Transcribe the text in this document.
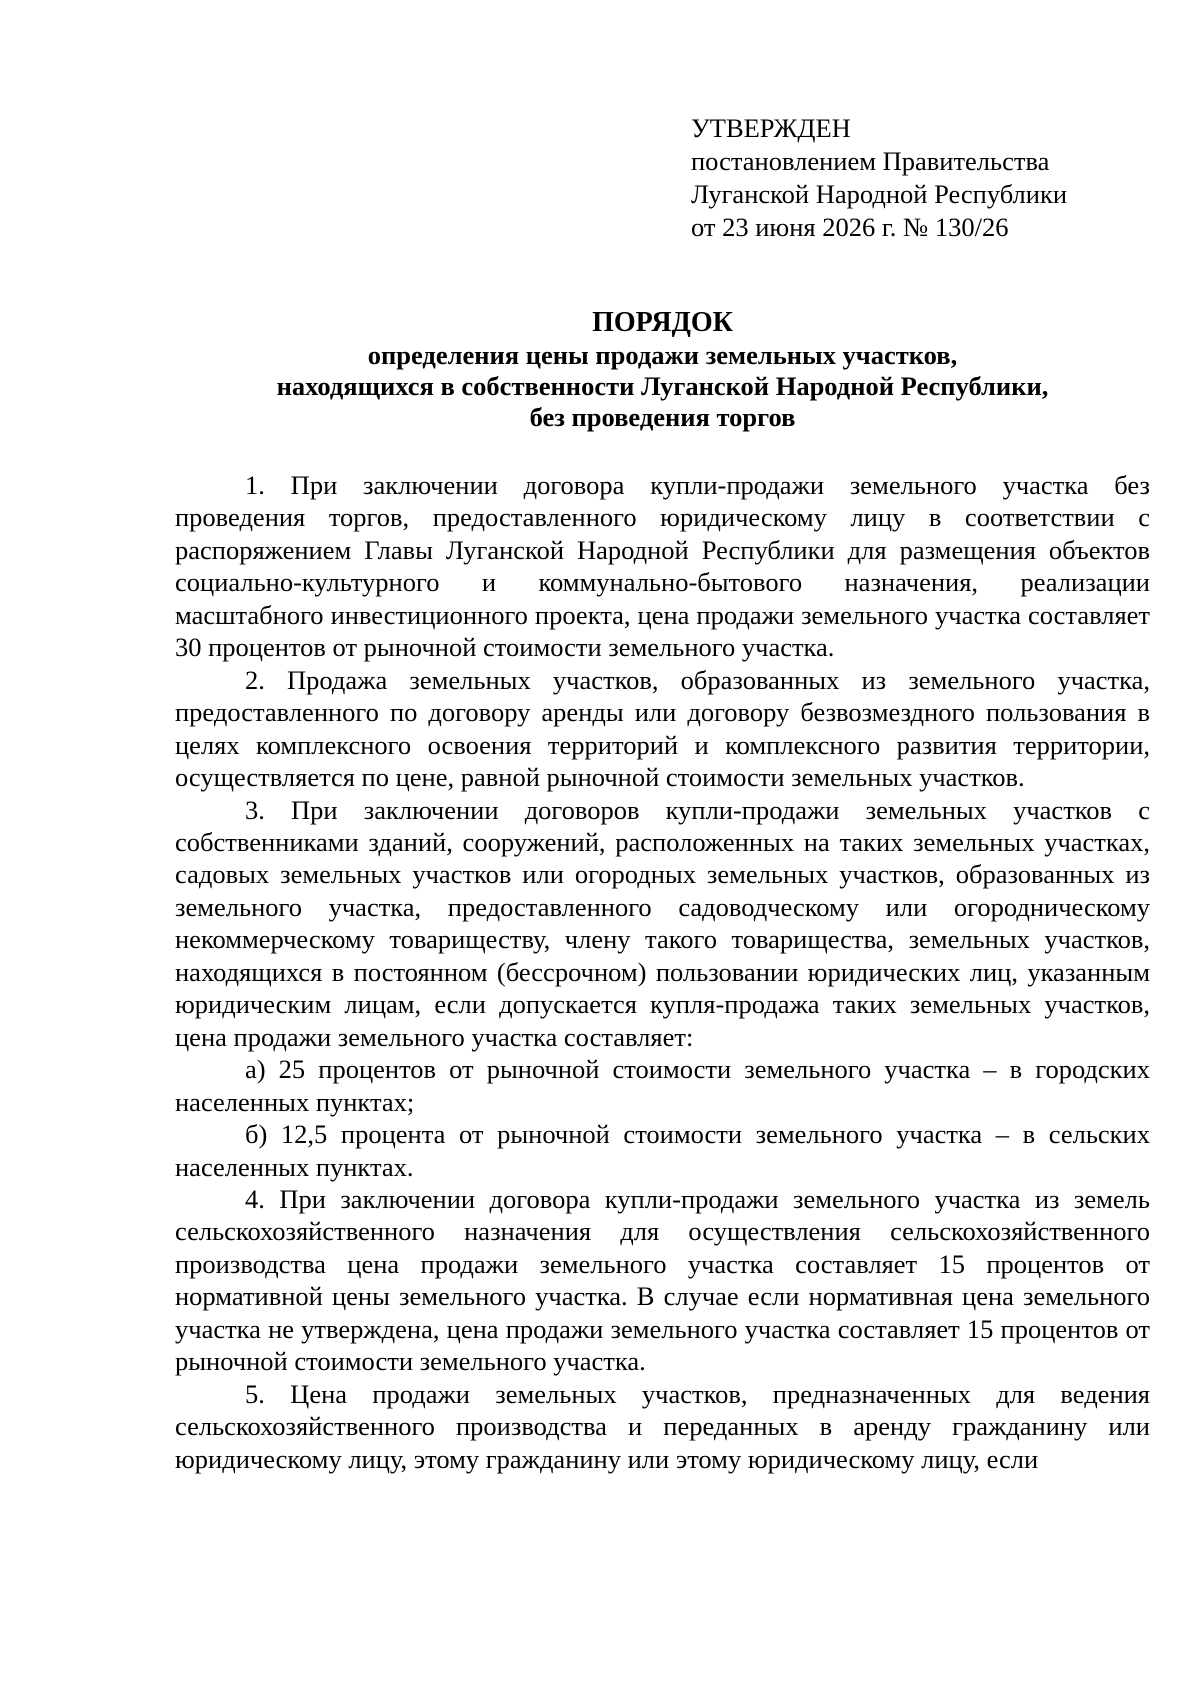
УТВЕРЖДЕН
постановлением Правительства
Луганской Народной Республики
от 23 июня 2026 г. № 130/26
ПОРЯДОК
определения цены продажи земельных участков,
находящихся в собственности Луганской Народной Республики,
без проведения торгов

1. При заключении договора купли-продажи земельного участка без проведения торгов, предоставленного юридическому лицу в соответствии с распоряжением Главы Луганской Народной Республики для размещения объектов социально-культурного и коммунально-бытового назначения, реализации масштабного инвестиционного проекта, цена продажи земельного участка составляет 30 процентов от рыночной стоимости земельного участка.

2. Продажа земельных участков, образованных из земельного участка, предоставленного по договору аренды или договору безвозмездного пользования в целях комплексного освоения территорий и комплексного развития территории, осуществляется по цене, равной рыночной стоимости земельных участков.

3. При заключении договоров купли-продажи земельных участков с собственниками зданий, сооружений, расположенных на таких земельных участках, садовых земельных участков или огородных земельных участков, образованных из земельного участка, предоставленного садоводческому или огородническому некоммерческому товариществу, члену такого товарищества, земельных участков, находящихся в постоянном (бессрочном) пользовании юридических лиц, указанным юридическим лицам, если допускается купля-продажа таких земельных участков, цена продажи земельного участка составляет:

а) 25 процентов от рыночной стоимости земельного участка – в городских населенных пунктах;

б) 12,5 процента от рыночной стоимости земельного участка – в сельских населенных пунктах.

4. При заключении договора купли-продажи земельного участка из земель сельскохозяйственного назначения для осуществления сельскохозяйственного производства цена продажи земельного участка составляет 15 процентов от нормативной цены земельного участка. В случае если нормативная цена земельного участка не утверждена, цена продажи земельного участка составляет 15 процентов от рыночной стоимости земельного участка.

5. Цена продажи земельных участков, предназначенных для ведения сельскохозяйственного производства и переданных в аренду гражданину или юридическому лицу, этому гражданину или этому юридическому лицу, если
